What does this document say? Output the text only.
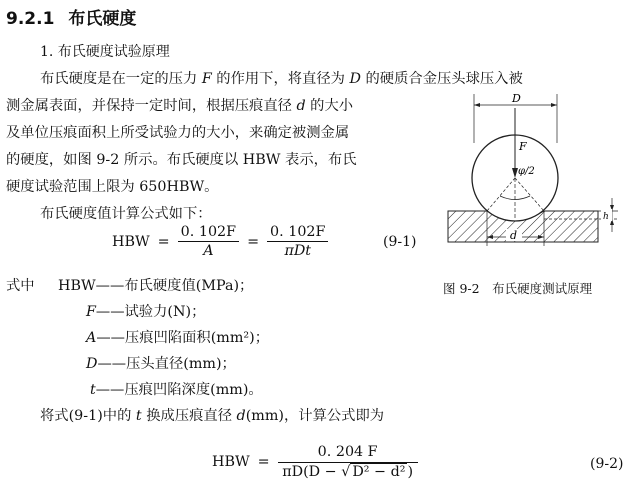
9.2.1 布氏硬度
1. 布氏硬度试验原理
布氏硬度是在一定的压力 F 的作用下，将直径为 D 的硬质合金压头球压入被
测金属表面，并保持一定时间，根据压痕直径 d 的大小
及单位压痕面积上所受试验力的大小，来确定被测金属
的硬度，如图 9-2 所示。布氏硬度以 HBW 表示，布氏
硬度试验范围上限为 650HBW。
布氏硬度值计算公式如下：
HBW = $\frac{0. 102F}{A} = \frac{0. 102F}{\text{πDt}}$	(9-1)
式中 HBW——布氏硬度值(MPa)；
F——试验力(N)；
A——压痕凹陷面积(mm²)；
D——压头直径(mm)；
t——压痕凹陷深度(mm)。
将式(9-1)中的 t 换成压痕直径 d(mm)，计算公式即为
HBW = $\frac{0. 204 F}{\text{πD(D − √ D² − d² )}}$	(9-2)
D
F
φ/2
d
h
图 9-2　布氏硬度测试原理
